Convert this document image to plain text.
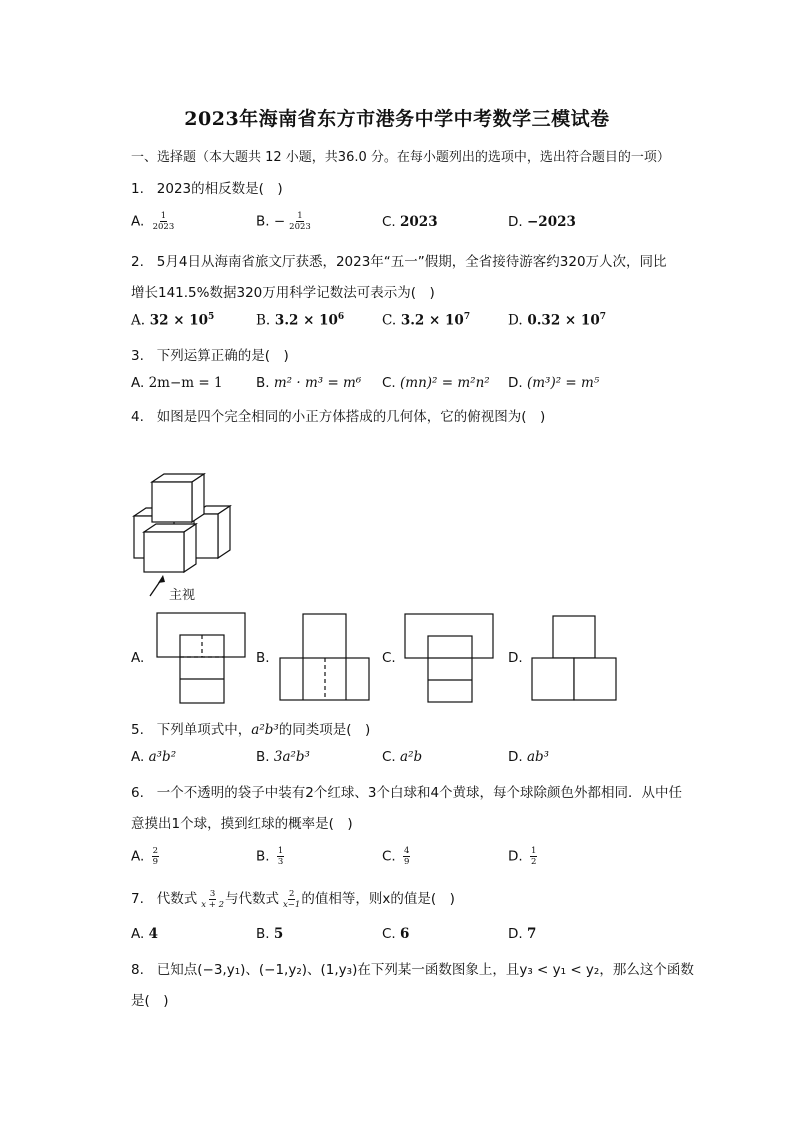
2023年海南省东方市港务中学中考数学三模试卷
一、选择题（本大题共 12 小题，共36.0 分。在每小题列出的选项中，选出符合题目的一项）
1. 2023的相反数是(　)
A. $\frac{1}{2023}$	B. − $\frac{1}{2023}$	C. 2023	D. −2023
2. 5月4日从海南省旅文厅获悉，2023年“五一”假期，全省接待游客约320万人次，同比
增长141.5%数据320万用科学记数法可表示为(　)
A. $32 \times 10^5$	B. $3.2 \times 10^6$	C. $3.2 \times 10^7$	D. $0.32 \times 10^7$
3. 下列运算正确的是(　)
A. 2m−m = 1 B. m² · m³ = m⁶ C. (mn)² = m²n² D. (m³)² = m⁵
4. 如图是四个完全相同的小正方体搭成的几何体，它的俯视图为(　)
主视
A.	B.	C.	D.
5. 下列单项式中，a²b³的同类项是(　)
A. a³b²	B. 3a²b³	C. a²b	D. ab³
6. 一个不透明的袋子中装有2个红球、3个白球和4个黄球，每个球除颜色外都相同．从中任
意摸出1个球，摸到红球的概率是(　)
A. $\frac{2}{9}$	B. $\frac{1}{3}$	C. $\frac{4}{9}$	D. $\frac{1}{2}$
7. 代数式 $\frac{3}{x + 2}$ 与代数式 $\frac{2}{x-1}$ 的值相等，则x的值是(　)
A. 4	B. 5	C. 6	D. 7
8. 已知点(−3,y₁)、(−1,y₂)、(1,y₃)在下列某一函数图象上，且y₃ < y₁ < y₂，那么这个函数
是(　)
